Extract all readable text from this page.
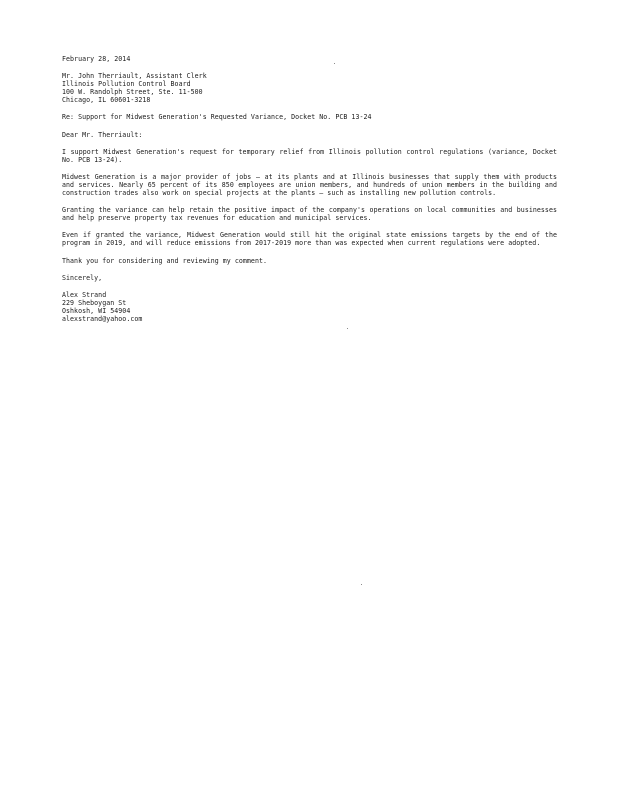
February 28, 2014
Mr. John Therriault, Assistant Clerk
Illinois Pollution Control Board
100 W. Randolph Street, Ste. 11-500
Chicago, IL 60601-3218
Re: Support for Midwest Generation's Requested Variance, Docket No. PCB 13-24
Dear Mr. Therriault:
I support Midwest Generation's request for temporary relief from Illinois pollution control regulations (variance, Docket No. PCB 13-24).
Midwest Generation is a major provider of jobs — at its plants and at Illinois businesses that supply them with products and services. Nearly 65 percent of its 850 employees are union members, and hundreds of union members in the building and construction trades also work on special projects at the plants — such as installing new pollution controls.
Granting the variance can help retain the positive impact of the company's operations on local communities and businesses and help preserve property tax revenues for education and municipal services.
Even if granted the variance, Midwest Generation would still hit the original state emissions targets by the end of the program in 2019, and will reduce emissions from 2017-2019 more than was expected when current regulations were adopted.
Thank you for considering and reviewing my comment.
Sincerely,
Alex Strand
229 Sheboygan St
Oshkosh, WI 54904
alexstrand@yahoo.com
